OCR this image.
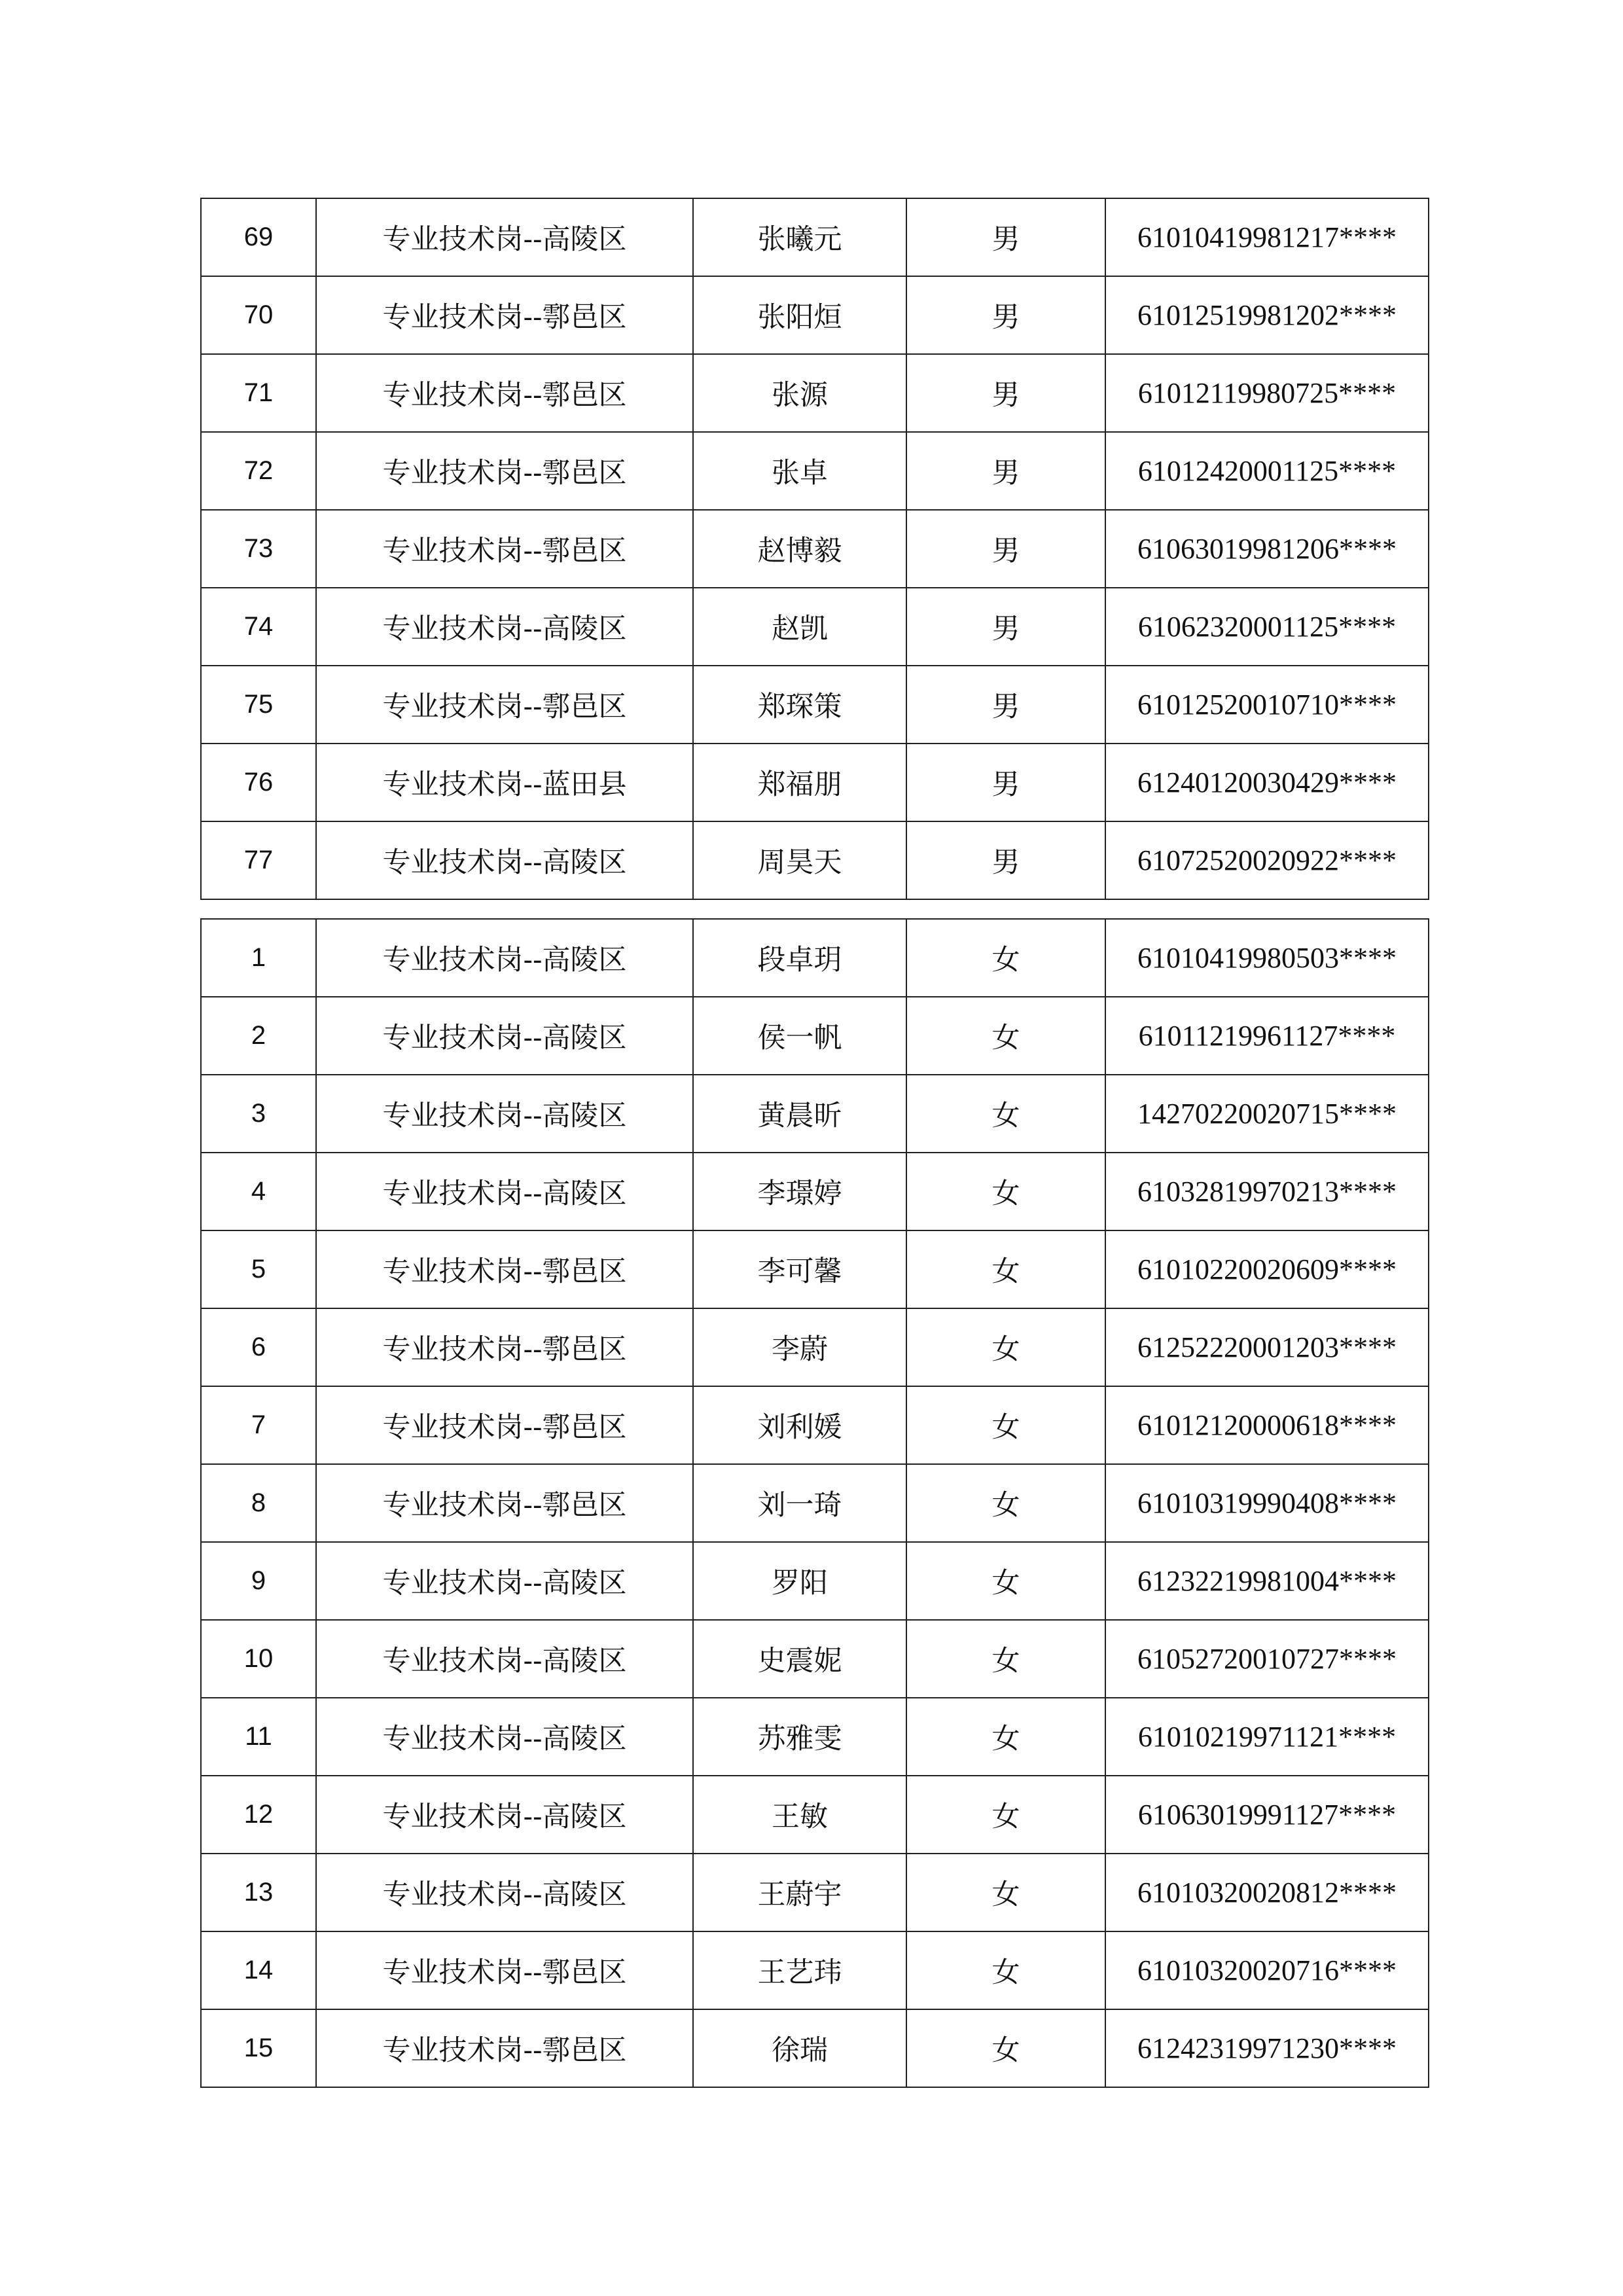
69	专业技术岗--高陵区	张曦元	男	61010419981217****
70	专业技术岗--鄠邑区	张阳烜	男	61012519981202****
71	专业技术岗--鄠邑区	张源	男	61012119980725****
72	专业技术岗--鄠邑区	张卓	男	61012420001125****
73	专业技术岗--鄠邑区	赵博毅	男	61063019981206****
74	专业技术岗--高陵区	赵凯	男	61062320001125****
75	专业技术岗--鄠邑区	郑琛策	男	61012520010710****
76	专业技术岗--蓝田县	郑福朋	男	61240120030429****
77	专业技术岗--高陵区	周昊天	男	61072520020922****
1	专业技术岗--高陵区	段卓玥	女	61010419980503****
2	专业技术岗--高陵区	侯一帆	女	61011219961127****
3	专业技术岗--高陵区	黄晨昕	女	14270220020715****
4	专业技术岗--高陵区	李璟婷	女	61032819970213****
5	专业技术岗--鄠邑区	李可馨	女	61010220020609****
6	专业技术岗--鄠邑区	李蔚	女	61252220001203****
7	专业技术岗--鄠邑区	刘利媛	女	61012120000618****
8	专业技术岗--鄠邑区	刘一琦	女	61010319990408****
9	专业技术岗--高陵区	罗阳	女	61232219981004****
10	专业技术岗--高陵区	史震妮	女	61052720010727****
11	专业技术岗--高陵区	苏雅雯	女	61010219971121****
12	专业技术岗--高陵区	王敏	女	61063019991127****
13	专业技术岗--高陵区	王蔚宇	女	61010320020812****
14	专业技术岗--鄠邑区	王艺玮	女	61010320020716****
15	专业技术岗--鄠邑区	徐瑞	女	61242319971230****
